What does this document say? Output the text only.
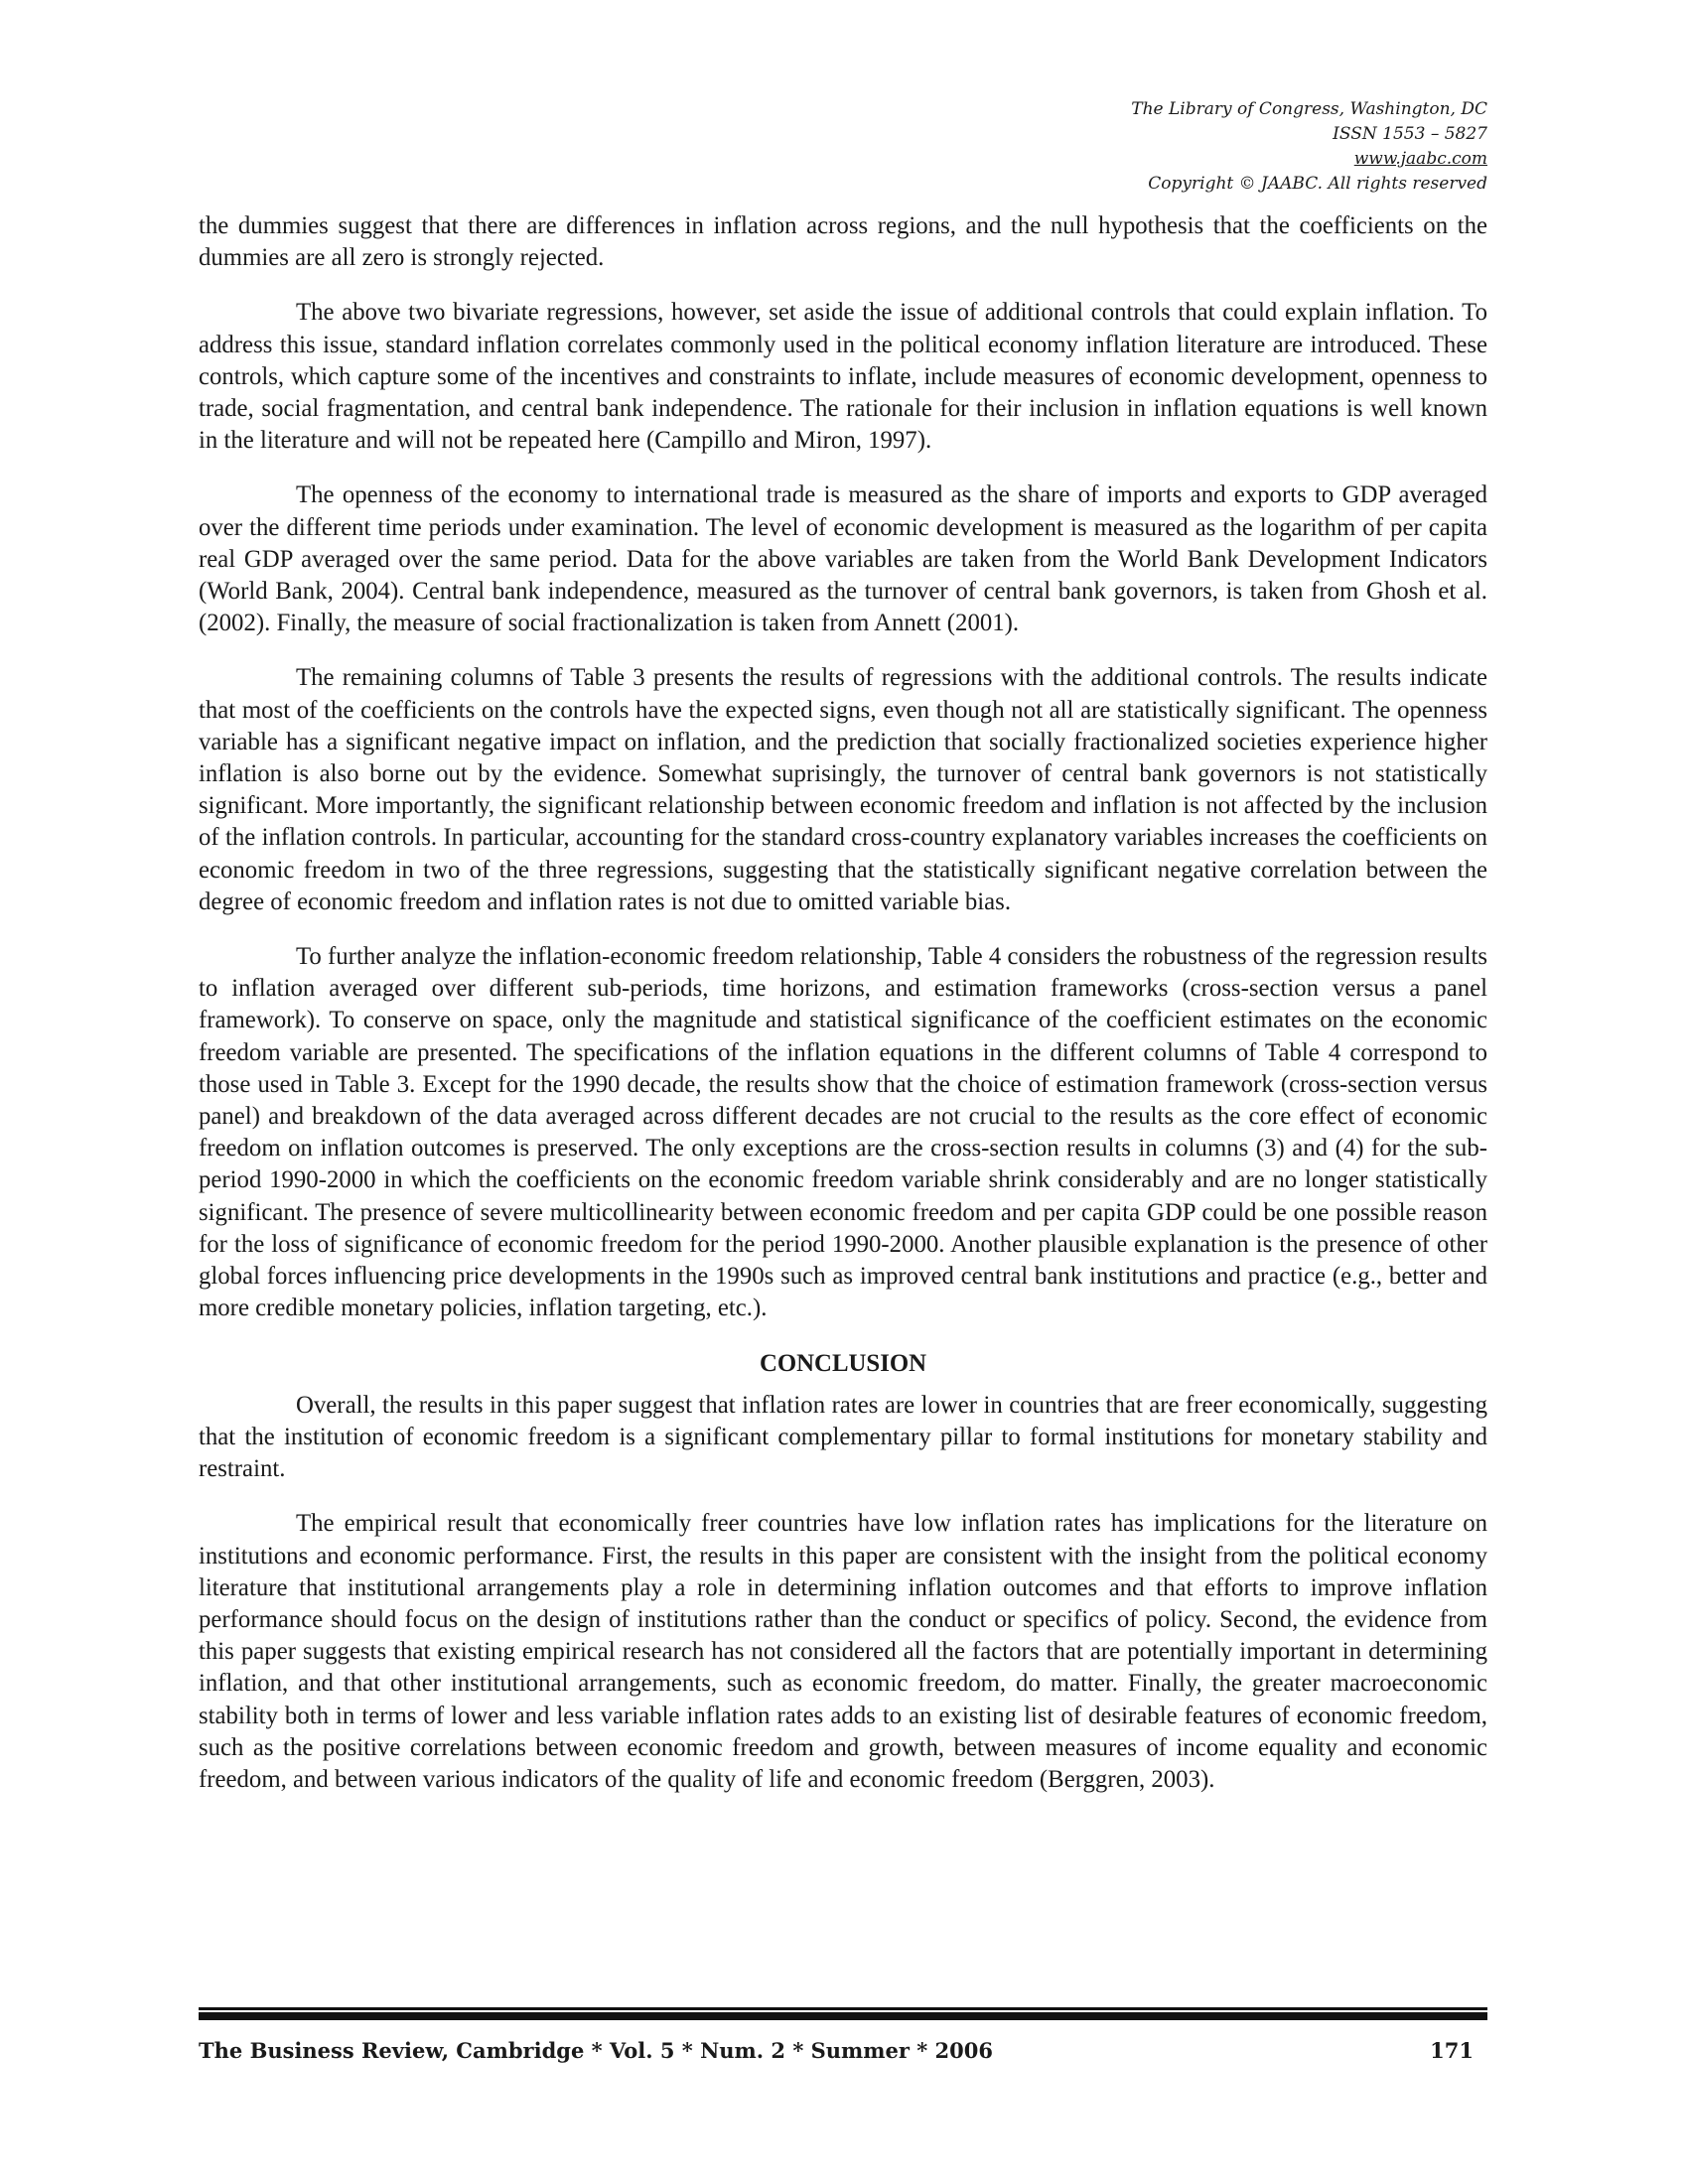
The Library of Congress, Washington, DC
ISSN 1553 – 5827
www.jaabc.com
Copyright © JAABC. All rights reserved

the dummies suggest that there are differences in inflation across regions, and the null hypothesis that the coefficients on the dummies are all zero is strongly rejected.

The above two bivariate regressions, however, set aside the issue of additional controls that could explain inflation. To address this issue, standard inflation correlates commonly used in the political economy inflation literature are introduced. These controls, which capture some of the incentives and constraints to inflate, include measures of economic development, openness to trade, social fragmentation, and central bank independence. The rationale for their inclusion in inflation equations is well known in the literature and will not be repeated here (Campillo and Miron, 1997).

The openness of the economy to international trade is measured as the share of imports and exports to GDP averaged over the different time periods under examination. The level of economic development is measured as the logarithm of per capita real GDP averaged over the same period. Data for the above variables are taken from the World Bank Development Indicators (World Bank, 2004). Central bank independence, measured as the turnover of central bank governors, is taken from Ghosh et al. (2002). Finally, the measure of social fractionalization is taken from Annett (2001).

The remaining columns of Table 3 presents the results of regressions with the additional controls. The results indicate that most of the coefficients on the controls have the expected signs, even though not all are statistically significant. The openness variable has a significant negative impact on inflation, and the prediction that socially fractionalized societies experience higher inflation is also borne out by the evidence. Somewhat suprisingly, the turnover of central bank governors is not statistically significant. More importantly, the significant relationship between economic freedom and inflation is not affected by the inclusion of the inflation controls. In particular, accounting for the standard cross-country explanatory variables increases the coefficients on economic freedom in two of the three regressions, suggesting that the statistically significant negative correlation between the degree of economic freedom and inflation rates is not due to omitted variable bias.

To further analyze the inflation-economic freedom relationship, Table 4 considers the robustness of the regression results to inflation averaged over different sub-periods, time horizons, and estimation frameworks (cross-section versus a panel framework). To conserve on space, only the magnitude and statistical significance of the coefficient estimates on the economic freedom variable are presented. The specifications of the inflation equations in the different columns of Table 4 correspond to those used in Table 3. Except for the 1990 decade, the results show that the choice of estimation framework (cross-section versus panel) and breakdown of the data averaged across different decades are not crucial to the results as the core effect of economic freedom on inflation outcomes is preserved. The only exceptions are the cross-section results in columns (3) and (4) for the sub-period 1990-2000 in which the coefficients on the economic freedom variable shrink considerably and are no longer statistically significant. The presence of severe multicollinearity between economic freedom and per capita GDP could be one possible reason for the loss of significance of economic freedom for the period 1990-2000. Another plausible explanation is the presence of other global forces influencing price developments in the 1990s such as improved central bank institutions and practice (e.g., better and more credible monetary policies, inflation targeting, etc.).

CONCLUSION

Overall, the results in this paper suggest that inflation rates are lower in countries that are freer economically, suggesting that the institution of economic freedom is a significant complementary pillar to formal institutions for monetary stability and restraint.

The empirical result that economically freer countries have low inflation rates has implications for the literature on institutions and economic performance. First, the results in this paper are consistent with the insight from the political economy literature that institutional arrangements play a role in determining inflation outcomes and that efforts to improve inflation performance should focus on the design of institutions rather than the conduct or specifics of policy. Second, the evidence from this paper suggests that existing empirical research has not considered all the factors that are potentially important in determining inflation, and that other institutional arrangements, such as economic freedom, do matter. Finally, the greater macroeconomic stability both in terms of lower and less variable inflation rates adds to an existing list of desirable features of economic freedom, such as the positive correlations between economic freedom and growth, between measures of income equality and economic freedom, and between various indicators of the quality of life and economic freedom (Berggren, 2003).

The Business Review, Cambridge * Vol. 5 * Num. 2 * Summer * 2006	171
